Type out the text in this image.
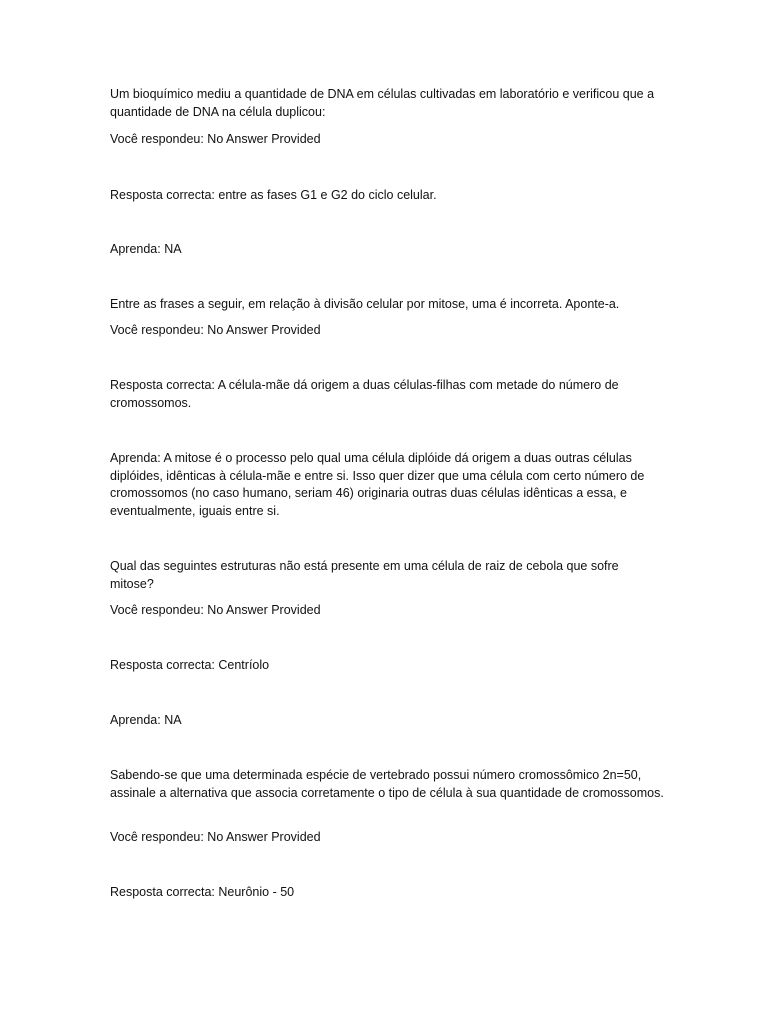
Um bioquímico mediu a quantidade de DNA em células cultivadas em laboratório e verificou que a quantidade de DNA na célula duplicou:

Você respondeu: No Answer Provided

Resposta correcta: entre as fases G1 e G2 do ciclo celular.

Aprenda: NA

Entre as frases a seguir, em relação à divisão celular por mitose, uma é incorreta. Aponte-a.

Você respondeu: No Answer Provided

Resposta correcta: A célula-mãe dá origem a duas células-filhas com metade do número de cromossomos.

Aprenda: A mitose é o processo pelo qual uma célula diplóide dá origem a duas outras células diplóides, idênticas à célula-mãe e entre si. Isso quer dizer que uma célula com certo número de cromossomos (no caso humano, seriam 46) originaria outras duas células idênticas a essa, e eventualmente, iguais entre si.

Qual das seguintes estruturas não está presente em uma célula de raiz de cebola que sofre mitose?

Você respondeu: No Answer Provided

Resposta correcta: Centríolo

Aprenda: NA

Sabendo-se que uma determinada espécie de vertebrado possui número cromossômico 2n=50, assinale a alternativa que associa corretamente o tipo de célula à sua quantidade de cromossomos.

Você respondeu: No Answer Provided

Resposta correcta: Neurônio - 50
